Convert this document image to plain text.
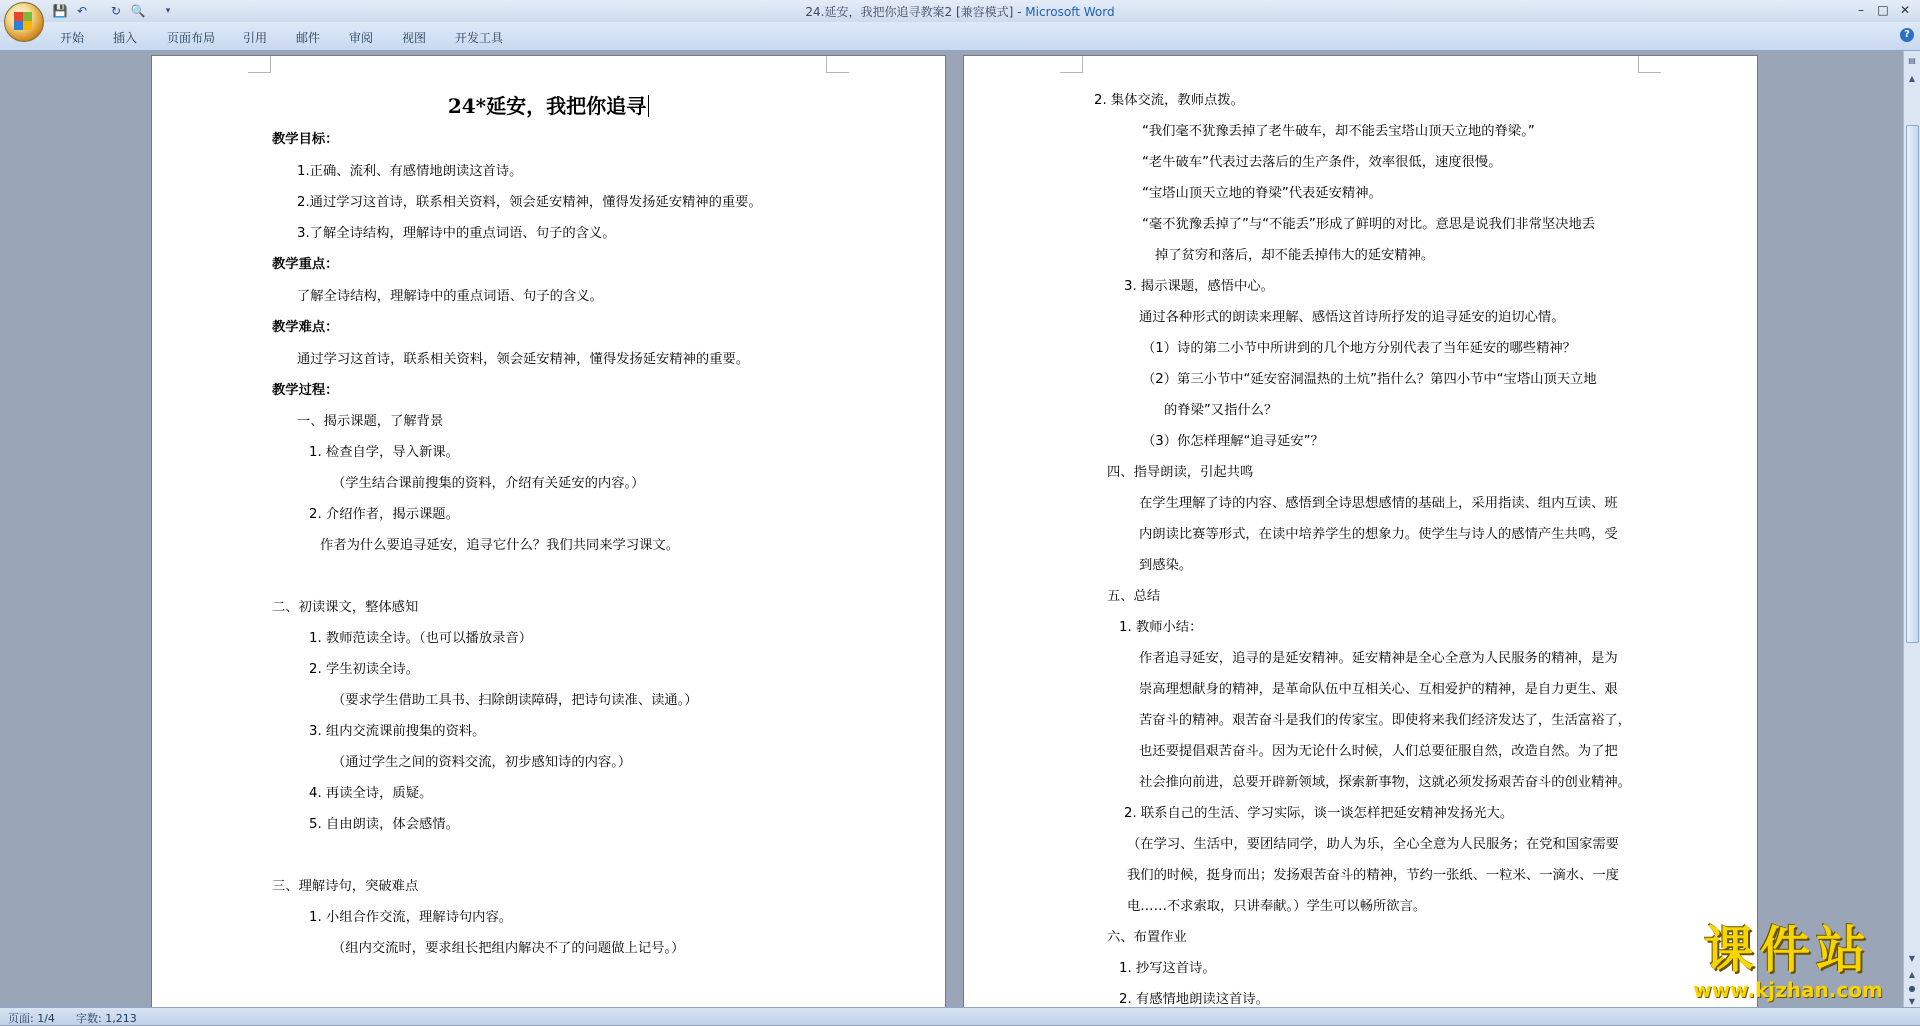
💾 ↶ ↻ 🔍	▾	24.延安，我把你追寻教案2 [兼容模式] - Microsoft Word	–	□ ✕
开始 插入 页面布局 引用 邮件 审阅 视图 开发工具	?
24*延安，我把你追寻
教学目标：
1.正确、流利、有感情地朗读这首诗。
2.通过学习这首诗，联系相关资料，领会延安精神，懂得发扬延安精神的重要。
3.了解全诗结构，理解诗中的重点词语、句子的含义。
教学重点：
了解全诗结构，理解诗中的重点词语、句子的含义。
教学难点：
通过学习这首诗，联系相关资料，领会延安精神，懂得发扬延安精神的重要。
教学过程：
一、揭示课题，了解背景
1. 检查自学，导入新课。
（学生结合课前搜集的资料，介绍有关延安的内容。）
2. 介绍作者，揭示课题。
作者为什么要追寻延安，追寻它什么？我们共同来学习课文。
二、初读课文，整体感知
1. 教师范读全诗。（也可以播放录音）
2. 学生初读全诗。
（要求学生借助工具书、扫除朗读障碍，把诗句读准、读通。）
3. 组内交流课前搜集的资料。
（通过学生之间的资料交流，初步感知诗的内容。）
4. 再读全诗，质疑。
5. 自由朗读，体会感情。
三、理解诗句，突破难点
1. 小组合作交流，理解诗句内容。
（组内交流时，要求组长把组内解决不了的问题做上记号。）
2. 集体交流，教师点拨。
“我们毫不犹豫丢掉了老牛破车，却不能丢宝塔山顶天立地的脊梁。”
“老牛破车”代表过去落后的生产条件，效率很低，速度很慢。
“宝塔山顶天立地的脊梁”代表延安精神。
“毫不犹豫丢掉了”与“不能丢”形成了鲜明的对比。意思是说我们非常坚决地丢
掉了贫穷和落后，却不能丢掉伟大的延安精神。
3. 揭示课题，感悟中心。
通过各种形式的朗读来理解、感悟这首诗所抒发的追寻延安的迫切心情。
（1）诗的第二小节中所讲到的几个地方分别代表了当年延安的哪些精神？
（2）第三小节中“延安窑洞温热的土炕”指什么？第四小节中“宝塔山顶天立地
的脊梁”又指什么？
（3）你怎样理解“追寻延安”？
四、指导朗读，引起共鸣
在学生理解了诗的内容、感悟到全诗思想感情的基础上，采用指读、组内互读、班
内朗读比赛等形式，在读中培养学生的想象力。使学生与诗人的感情产生共鸣，受
到感染。
五、总结
1. 教师小结：
作者追寻延安，追寻的是延安精神。延安精神是全心全意为人民服务的精神，是为
崇高理想献身的精神，是革命队伍中互相关心、互相爱护的精神，是自力更生、艰
苦奋斗的精神。艰苦奋斗是我们的传家宝。即使将来我们经济发达了，生活富裕了，
也还要提倡艰苦奋斗。因为无论什么时候，人们总要征服自然，改造自然。为了把
社会推向前进，总要开辟新领域，探索新事物，这就必须发扬艰苦奋斗的创业精神。
2. 联系自己的生活、学习实际，谈一谈怎样把延安精神发扬光大。
（在学习、生活中，要团结同学，助人为乐，全心全意为人民服务；在党和国家需要
我们的时候，挺身而出；发扬艰苦奋斗的精神，节约一张纸、一粒米、一滴水、一度
电……不求索取，只讲奉献。）学生可以畅所欲言。
六、布置作业
1. 抄写这首诗。
2. 有感情地朗读这首诗。
▤
▲
▼
▲
●
▼
课件站
www.kjzhan.com
页面: 1/4 字数: 1,213
